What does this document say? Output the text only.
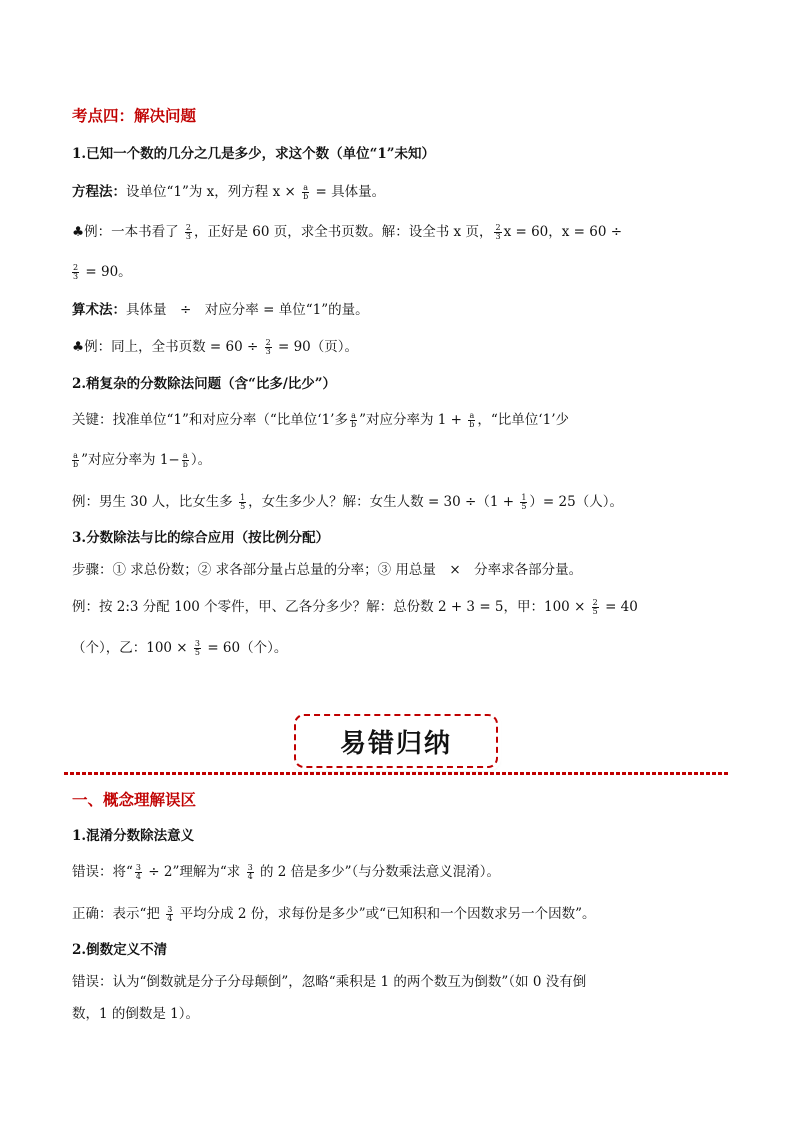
考点四：解决问题
1.已知一个数的几分之几是多少，求这个数（单位“1”未知）
方程法：设单位“1”为 x，列方程 $x \times \frac{a}{b}$ = 具体量。
♣例：一本书看了 $\frac{2}{3}$ ，正好是 60 页，求全书页数。解：设全书 x 页， $\frac{2}{3}$ x = 60，x = 60 ÷
$\frac{2}{3} = 90$。
算术法：具体量　÷　对应分率 = 单位“1”的量。
♣例：同上，全书页数 = $60 \div \frac{2}{3} = 90$（页）。
2.稍复杂的分数除法问题（含“比多/比少”）
关键：找准单位“1”和对应分率（“比单位‘1’多 $\frac{a}{b}$ ”对应分率为 $1 + \frac{a}{b}$ ，“比单位‘1’少
$\frac{a}{b}$ ”对应分率为 $1- \frac{a}{b}$ ）。
例：男生 30 人，比女生多 $\frac{1}{5}$ ，女生多少人？解：女生人数 = $30 \div(1 + \frac{1}{5}$ ）= 25（人）。
3.分数除法与比的综合应用（按比例分配）
步骤：① 求总份数；② 求各部分量占总量的分率；③ 用总量　×　分率求各部分量。
例：按 2:3 分配 100 个零件，甲、乙各分多少？解：总份数 2 + 3 = 5，甲：$100 \times \frac{2}{5} = 40$
（个），乙：$100 \times \frac{3}{5} = 60$（个）。
易错归纳
一、概念理解误区
1.混淆分数除法意义
错误：将“ $\frac{3}{4} \div 2$”理解为“求 $\frac{3}{4}$ 的 2 倍是多少”（与分数乘法意义混淆）。
正确：表示“把 $\frac{3}{4}$ 平均分成 2 份，求每份是多少”或“已知积和一个因数求另一个因数”。
2.倒数定义不清
错误：认为“倒数就是分子分母颠倒”，忽略“乘积是 1 的两个数互为倒数”（如 0 没有倒
数，1 的倒数是 1）。
